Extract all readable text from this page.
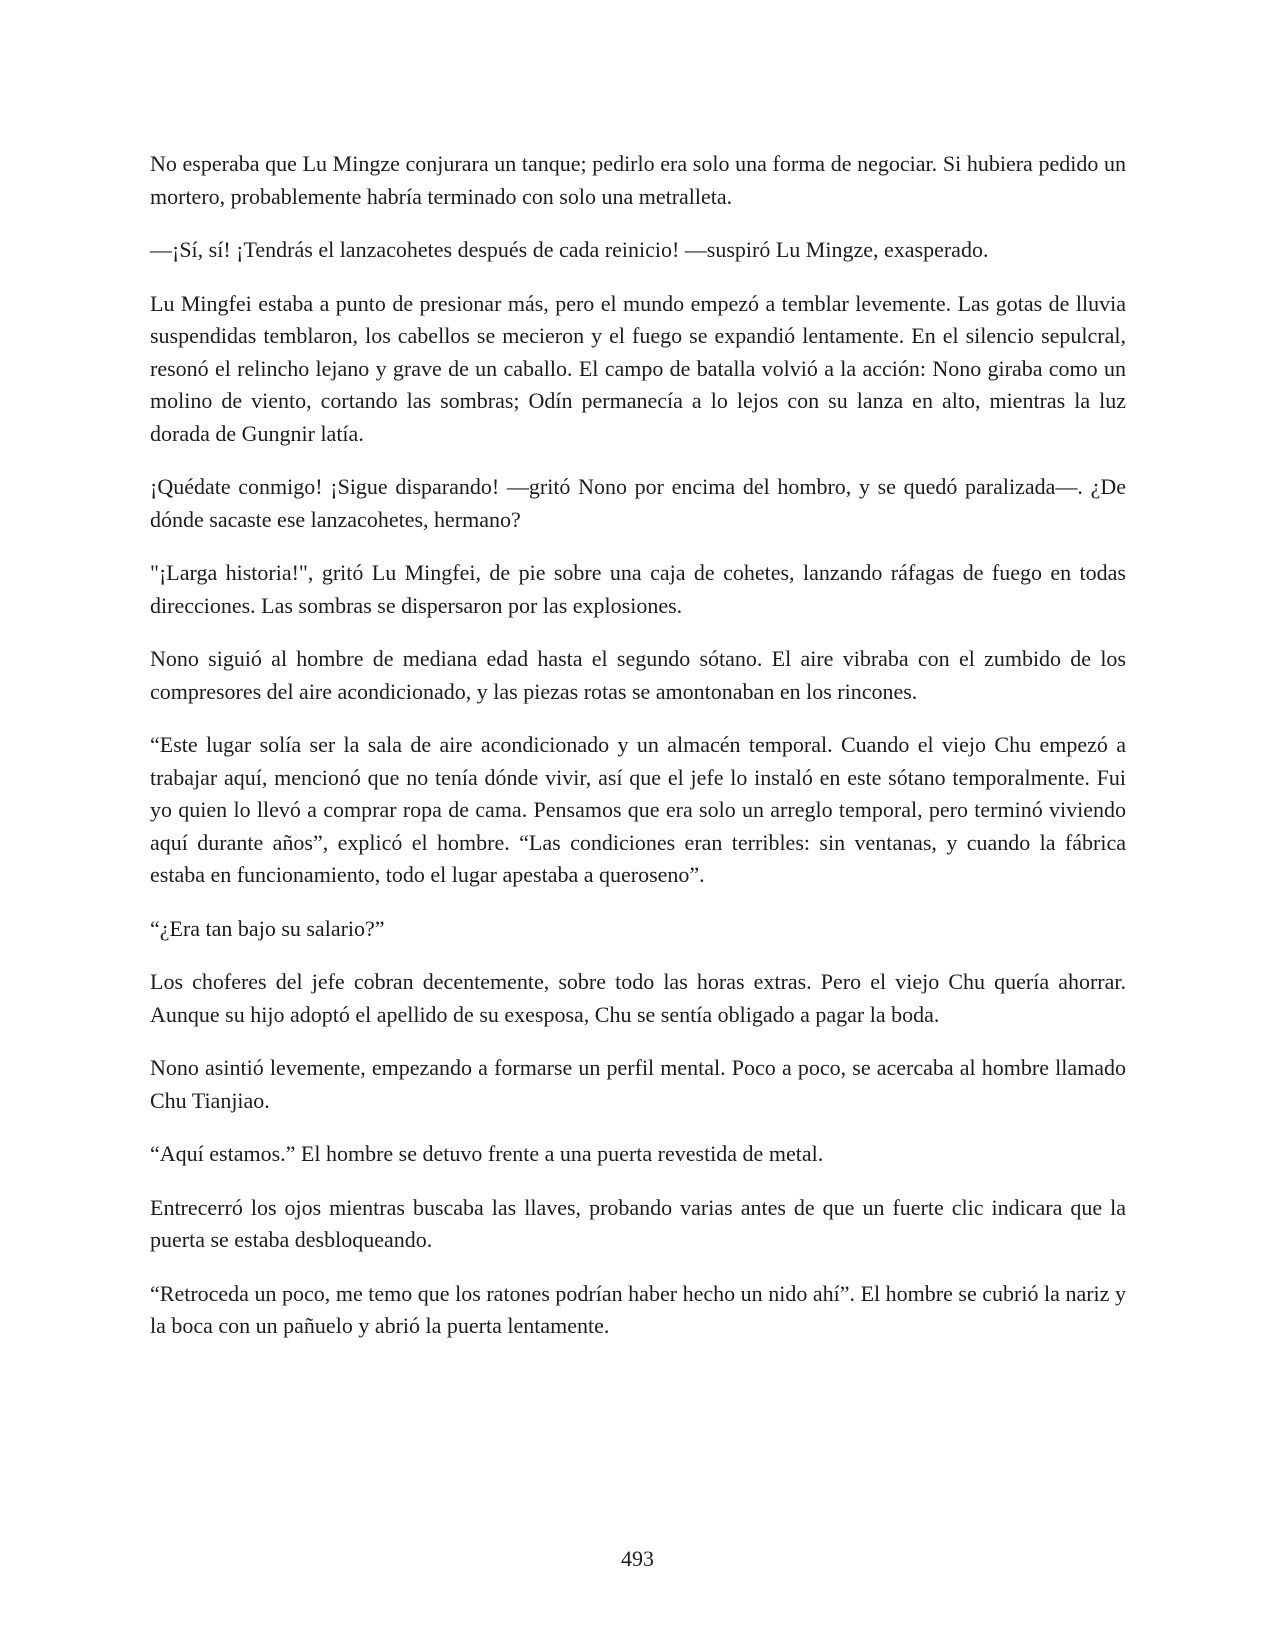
No esperaba que Lu Mingze conjurara un tanque; pedirlo era solo una forma de negociar. Si hubiera pedido un mortero, probablemente habría terminado con solo una metralleta.

—¡Sí, sí! ¡Tendrás el lanzacohetes después de cada reinicio! —suspiró Lu Mingze, exasperado.

Lu Mingfei estaba a punto de presionar más, pero el mundo empezó a temblar levemente. Las gotas de lluvia suspendidas temblaron, los cabellos se mecieron y el fuego se expandió lentamente. En el silencio sepulcral, resonó el relincho lejano y grave de un caballo. El campo de batalla volvió a la acción: Nono giraba como un molino de viento, cortando las sombras; Odín permanecía a lo lejos con su lanza en alto, mientras la luz dorada de Gungnir latía.

¡Quédate conmigo! ¡Sigue disparando! —gritó Nono por encima del hombro, y se quedó paralizada—. ¿De dónde sacaste ese lanzacohetes, hermano?

"¡Larga historia!", gritó Lu Mingfei, de pie sobre una caja de cohetes, lanzando ráfagas de fuego en todas direcciones. Las sombras se dispersaron por las explosiones.

Nono siguió al hombre de mediana edad hasta el segundo sótano. El aire vibraba con el zumbido de los compresores del aire acondicionado, y las piezas rotas se amontonaban en los rincones.

“Este lugar solía ser la sala de aire acondicionado y un almacén temporal. Cuando el viejo Chu empezó a trabajar aquí, mencionó que no tenía dónde vivir, así que el jefe lo instaló en este sótano temporalmente. Fui yo quien lo llevó a comprar ropa de cama. Pensamos que era solo un arreglo temporal, pero terminó viviendo aquí durante años”, explicó el hombre. “Las condiciones eran terribles: sin ventanas, y cuando la fábrica estaba en funcionamiento, todo el lugar apestaba a queroseno”.

“¿Era tan bajo su salario?”

Los choferes del jefe cobran decentemente, sobre todo las horas extras. Pero el viejo Chu quería ahorrar. Aunque su hijo adoptó el apellido de su exesposa, Chu se sentía obligado a pagar la boda.

Nono asintió levemente, empezando a formarse un perfil mental. Poco a poco, se acercaba al hombre llamado Chu Tianjiao.

“Aquí estamos.” El hombre se detuvo frente a una puerta revestida de metal.

Entrecerró los ojos mientras buscaba las llaves, probando varias antes de que un fuerte clic indicara que la puerta se estaba desbloqueando.

“Retroceda un poco, me temo que los ratones podrían haber hecho un nido ahí”. El hombre se cubrió la nariz y la boca con un pañuelo y abrió la puerta lentamente.

493
